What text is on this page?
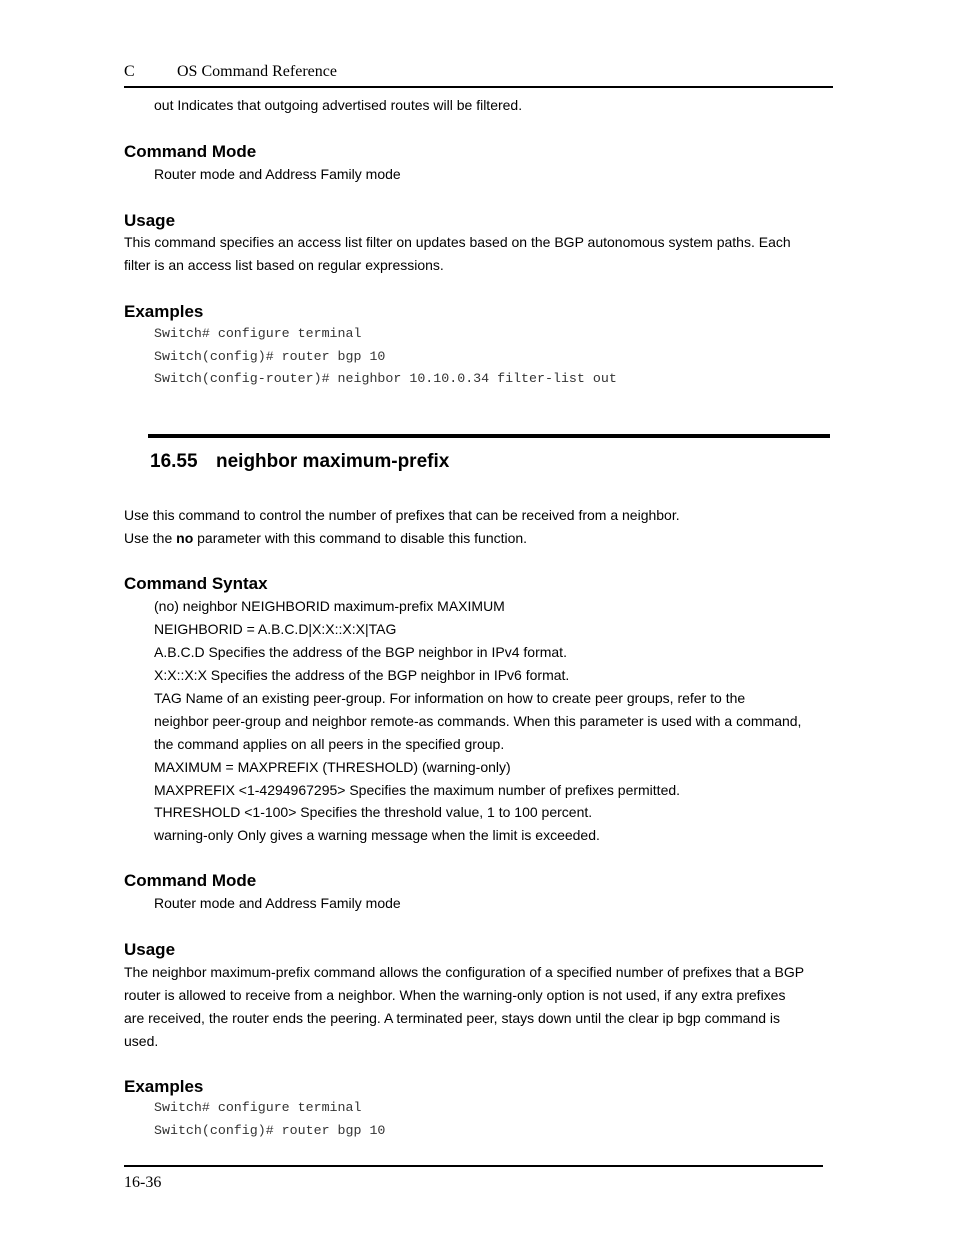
C	OS Command Reference
out Indicates that outgoing advertised routes will be filtered.
Command Mode
Router mode and Address Family mode
Usage
This command specifies an access list filter on updates based on the BGP autonomous system paths. Each
filter is an access list based on regular expressions.
Examples
Switch# configure terminal
Switch(config)# router bgp 10
Switch(config-router)# neighbor 10.10.0.34 filter-list out
16.55 neighbor maximum-prefix
Use this command to control the number of prefixes that can be received from a neighbor.
Use the no parameter with this command to disable this function.
Command Syntax
(no) neighbor NEIGHBORID maximum-prefix MAXIMUM
NEIGHBORID = A.B.C.D|X:X::X:X|TAG
A.B.C.D Specifies the address of the BGP neighbor in IPv4 format.
X:X::X:X Specifies the address of the BGP neighbor in IPv6 format.
TAG Name of an existing peer-group. For information on how to create peer groups, refer to the
neighbor peer-group and neighbor remote-as commands. When this parameter is used with a command,
the command applies on all peers in the specified group.
MAXIMUM = MAXPREFIX (THRESHOLD) (warning-only)
MAXPREFIX <1-4294967295> Specifies the maximum number of prefixes permitted.
THRESHOLD <1-100> Specifies the threshold value, 1 to 100 percent.
warning-only Only gives a warning message when the limit is exceeded.
Command Mode
Router mode and Address Family mode
Usage
The neighbor maximum-prefix command allows the configuration of a specified number of prefixes that a BGP
router is allowed to receive from a neighbor. When the warning-only option is not used, if any extra prefixes
are received, the router ends the peering. A terminated peer, stays down until the clear ip bgp command is
used.
Examples
Switch# configure terminal
Switch(config)# router bgp 10
16-36
